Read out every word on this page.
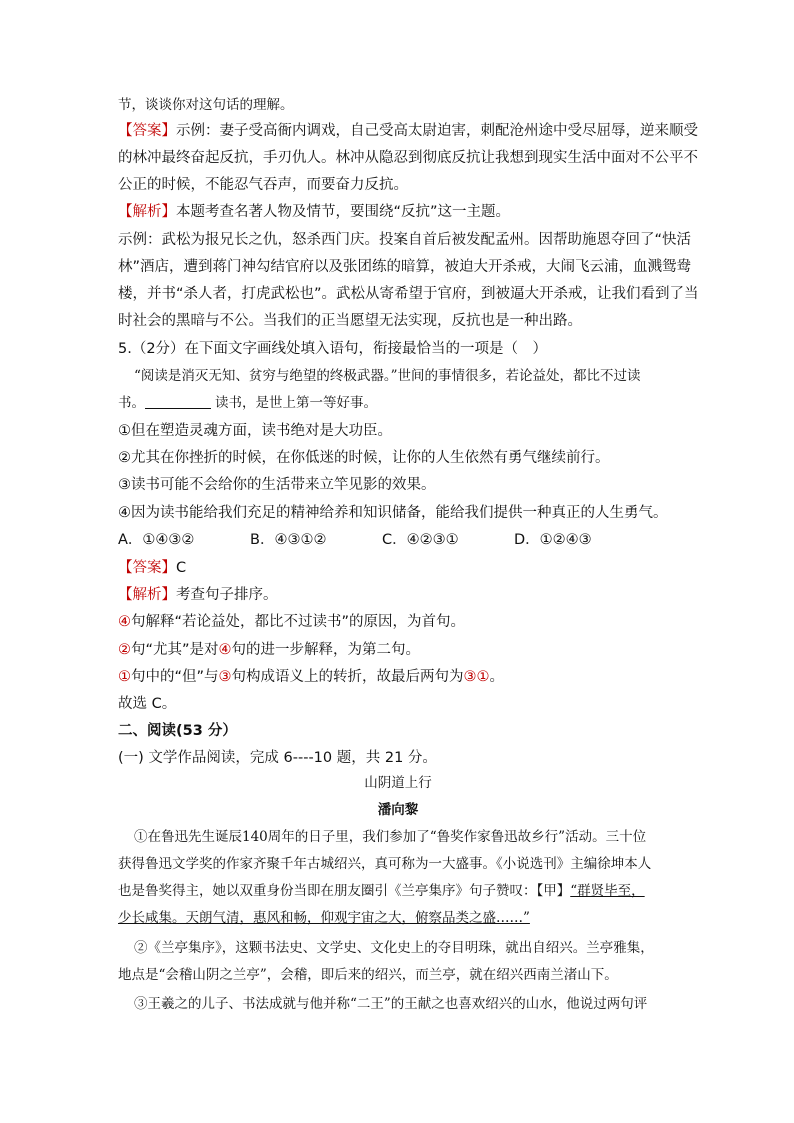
节，谈谈你对这句话的理解。
【答案】示例：妻子受高衙内调戏，自己受高太尉迫害，刺配沧州途中受尽屈辱，逆来顺受
的林冲最终奋起反抗，手刃仇人。林冲从隐忍到彻底反抗让我想到现实生活中面对不公平不
公正的时候，不能忍气吞声，而要奋力反抗。
【解析】本题考查名著人物及情节，要围绕“反抗”这一主题。
示例：武松为报兄长之仇，怒杀西门庆。投案自首后被发配孟州。因帮助施恩夺回了“快活
林”酒店，遭到蒋门神勾结官府以及张团练的暗算，被迫大开杀戒，大闹飞云浦，血溅鸳鸯
楼，并书“杀人者，打虎武松也”。武松从寄希望于官府，到被逼大开杀戒，让我们看到了当
时社会的黑暗与不公。当我们的正当愿望无法实现，反抗也是一种出路。
5.（2分）在下面文字画线处填入语句，衔接最恰当的一项是（　）
“阅读是消灭无知、贫穷与绝望的终极武器。”世间的事情很多，若论益处，都比不过读
书。	读书，是世上第一等好事。
①但在塑造灵魂方面，读书绝对是大功臣。
②尤其在你挫折的时候，在你低迷的时候，让你的人生依然有勇气继续前行。
③读书可能不会给你的生活带来立竿见影的效果。
④因为读书能给我们充足的精神给养和知识储备，能给我们提供一种真正的人生勇气。
A．①④③②	B．④③①②	C．④②③①	D．①②④③
【答案】C
【解析】考查句子排序。
④句解释“若论益处，都比不过读书”的原因，为首句。
②句“尤其”是对④句的进一步解释，为第二句。
①句中的“但”与③句构成语义上的转折，故最后两句为③①。
故选 C。
二、阅读(53 分）
(一) 文学作品阅读，完成 6----10 题，共 21 分。
山阴道上行
潘向黎
①在鲁迅先生诞辰140周年的日子里，我们参加了“鲁奖作家鲁迅故乡行”活动。三十位
获得鲁迅文学奖的作家齐聚千年古城绍兴，真可称为一大盛事。《小说选刊》主编徐坤本人
也是鲁奖得主，她以双重身份当即在朋友圈引《兰亭集序》句子赞叹：【甲】“群贤毕至，
少长咸集。天朗气清，惠风和畅，仰观宇宙之大，俯察品类之盛……”
②《兰亭集序》，这颗书法史、文学史、文化史上的夺目明珠，就出自绍兴。兰亭雅集，
地点是“会稽山阴之兰亭”，会稽，即后来的绍兴，而兰亭，就在绍兴西南兰渚山下。
③王羲之的儿子、书法成就与他并称“二王”的王献之也喜欢绍兴的山水，他说过两句评
